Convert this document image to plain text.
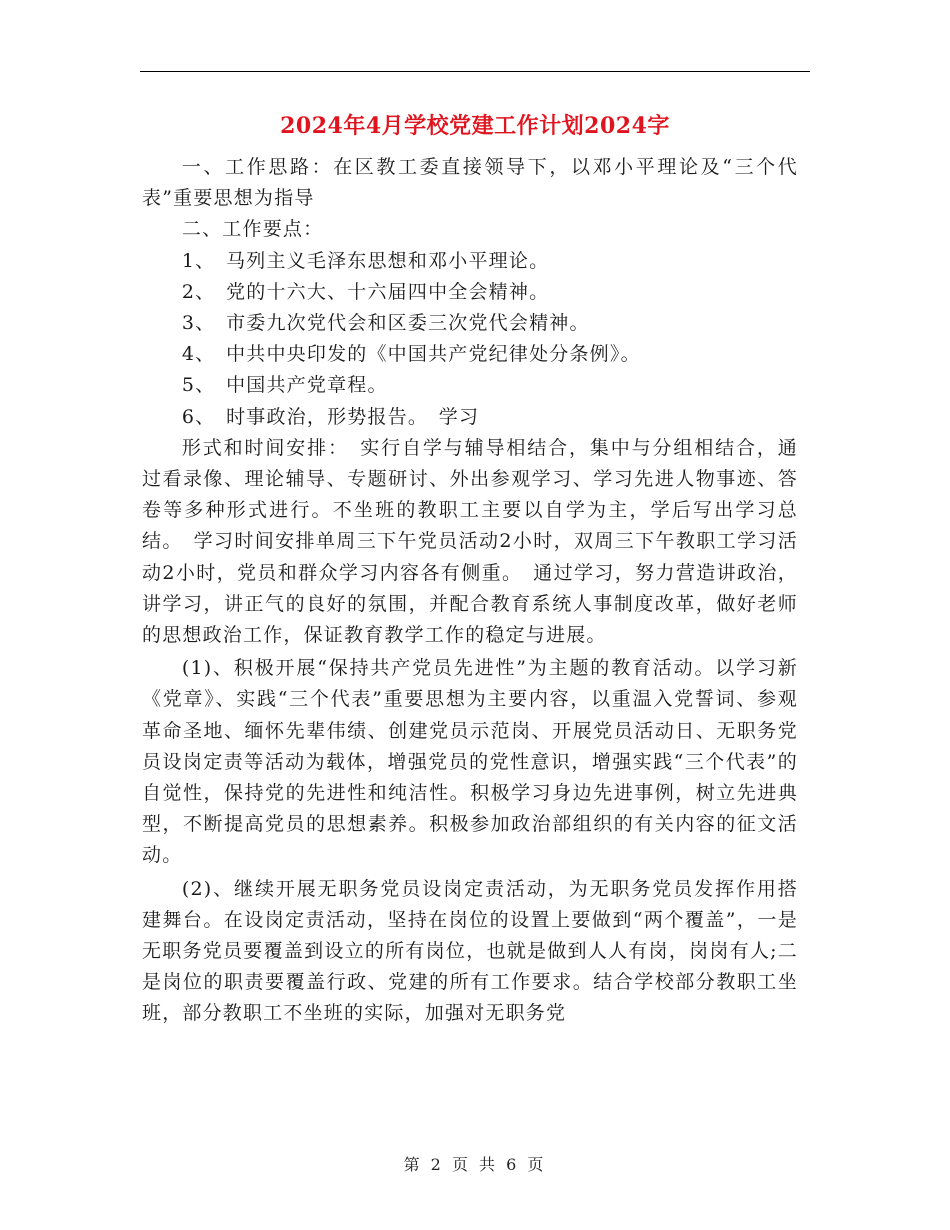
2024年4月学校党建工作计划2024字

一、工作思路：在区教工委直接领导下，以邓小平理论及“三个代表”重要思想为指导

二、工作要点：

1、　马列主义毛泽东思想和邓小平理论。

2、　党的十六大、十六届四中全会精神。

3、　市委九次党代会和区委三次党代会精神。

4、　中共中央印发的《中国共产党纪律处分条例》。

5、　中国共产党章程。

6、　时事政治，形势报告。　学习

形式和时间安排：　实行自学与辅导相结合，集中与分组相结合，通过看录像、理论辅导、专题研讨、外出参观学习、学习先进人物事迹、答卷等多种形式进行。不坐班的教职工主要以自学为主，学后写出学习总结。　学习时间安排单周三下午党员活动2小时，双周三下午教职工学习活动2小时，党员和群众学习内容各有侧重。　通过学习，努力营造讲政治，讲学习，讲正气的良好的氛围，并配合教育系统人事制度改革，做好老师的思想政治工作，保证教育教学工作的稳定与进展。

(1)、积极开展“保持共产党员先进性”为主题的教育活动。以学习新《党章》、实践“三个代表”重要思想为主要内容，以重温入党誓词、参观革命圣地、缅怀先辈伟绩、创建党员示范岗、开展党员活动日、无职务党员设岗定责等活动为载体，增强党员的党性意识，增强实践“三个代表”的自觉性，保持党的先进性和纯洁性。积极学习身边先进事例，树立先进典型，不断提高党员的思想素养。积极参加政治部组织的有关内容的征文活动。

(2)、继续开展无职务党员设岗定责活动，为无职务党员发挥作用搭建舞台。在设岗定责活动，坚持在岗位的设置上要做到“两个覆盖”，一是无职务党员要覆盖到设立的所有岗位，也就是做到人人有岗，岗岗有人;二是岗位的职责要覆盖行政、党建的所有工作要求。结合学校部分教职工坐班，部分教职工不坐班的实际，加强对无职务党

第 2 页 共 6 页
